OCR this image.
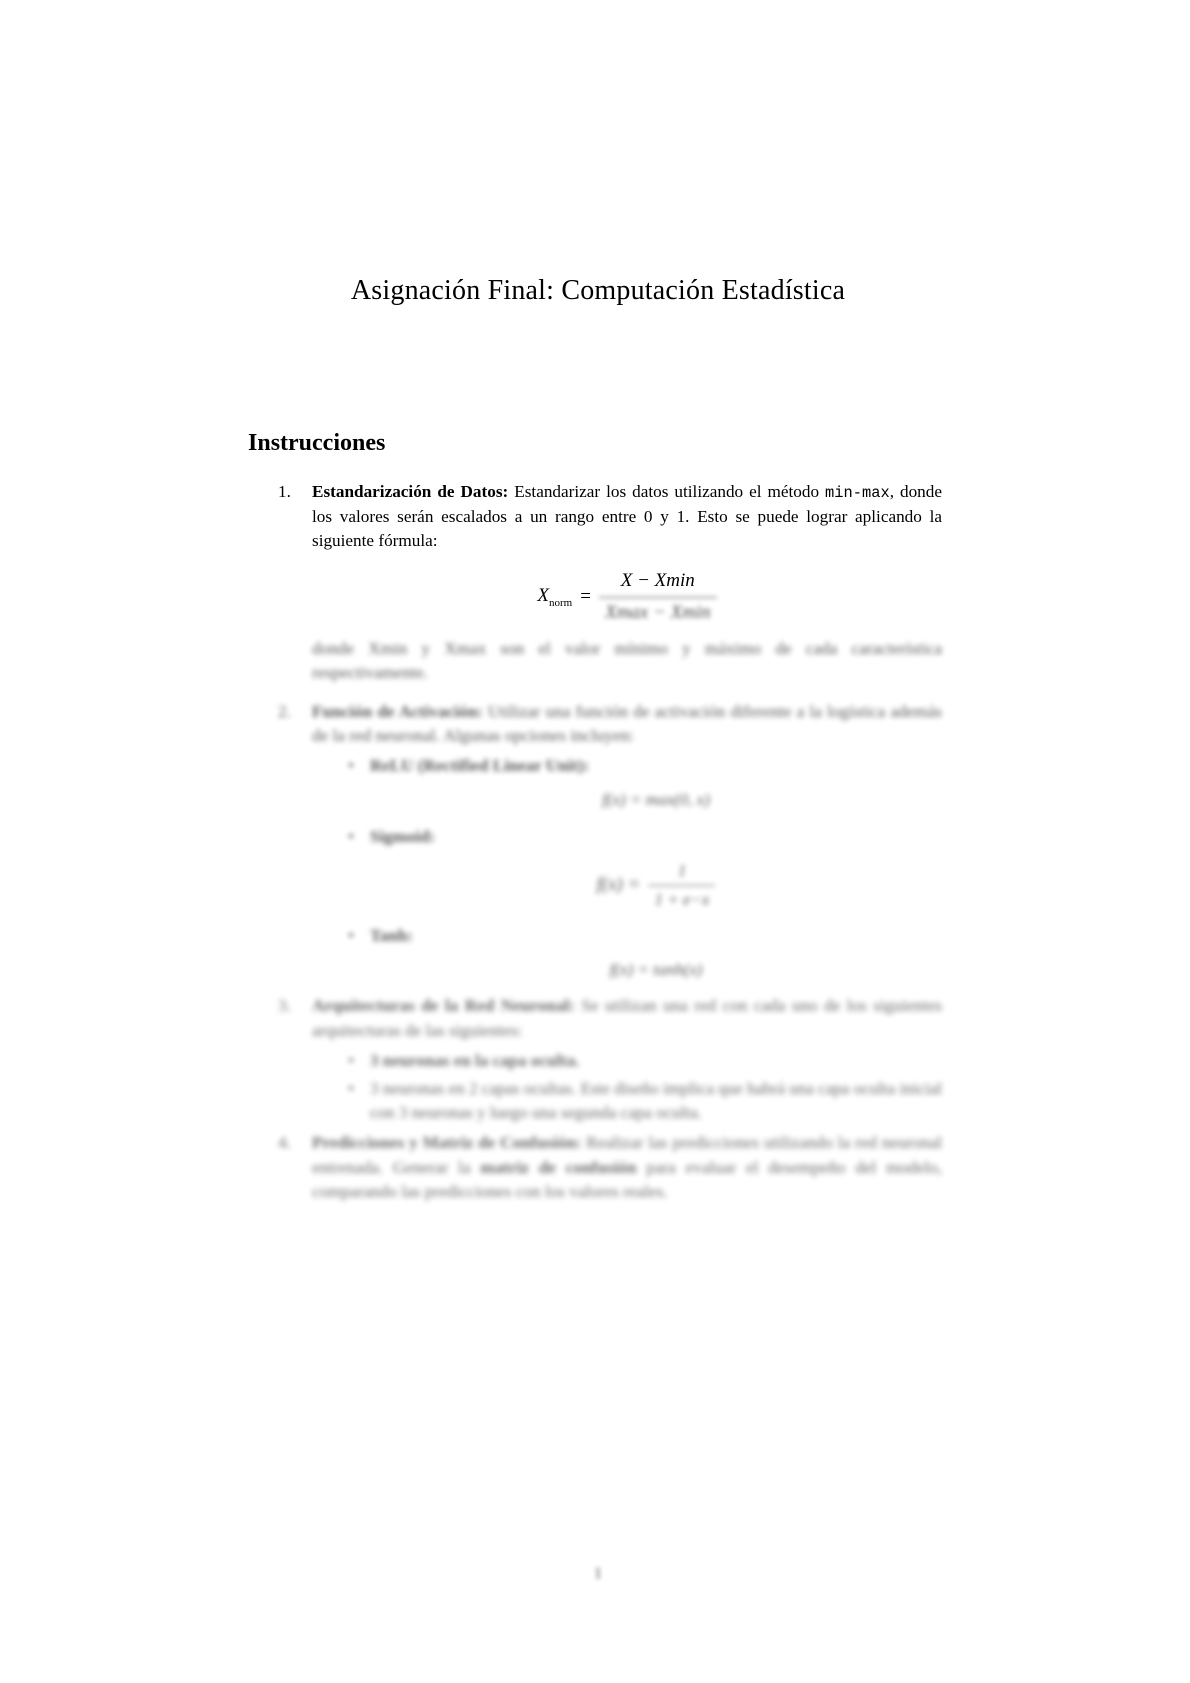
Asignación Final: Computación Estadística
Instrucciones
1. Estandarización de Datos: Estandarizar los datos utilizando el método min-max, donde los valores serán escalados a un rango entre 0 y 1. Esto se puede lograr aplicando la siguiente fórmula:
$X_{norm} = \frac{X - Xmin}{Xmax - Xmin}$
donde Xmin y Xmax son el valor mínimo y máximo de cada característica respectivamente.
2. Función de Activación: Utilizar una función de activación diferente a la logística además de la red neuronal. Algunas opciones incluyen:
• ReLU (Rectified Linear Unit):
f(x) = max(0, x)
• Sigmoid:
$f(x) = \frac{1}{1 + e-x}$
• Tanh:
f(x) = tanh(x)
3. Arquitecturas de la Red Neuronal: Se utilizan una red con cada uno de los siguientes arquitecturas de las siguientes:
• 3 neuronas en la capa oculta.
• 3 neuronas en 2 capas ocultas. Este diseño implica que habrá una capa oculta inicial con 3 neuronas y luego una segunda capa oculta.
4. Predicciones y Matriz de Confusión: Realizar las predicciones utilizando la red neuronal entrenada. Generar la matriz de confusión para evaluar el desempeño del modelo, comparando las predicciones con los valores reales.
1
